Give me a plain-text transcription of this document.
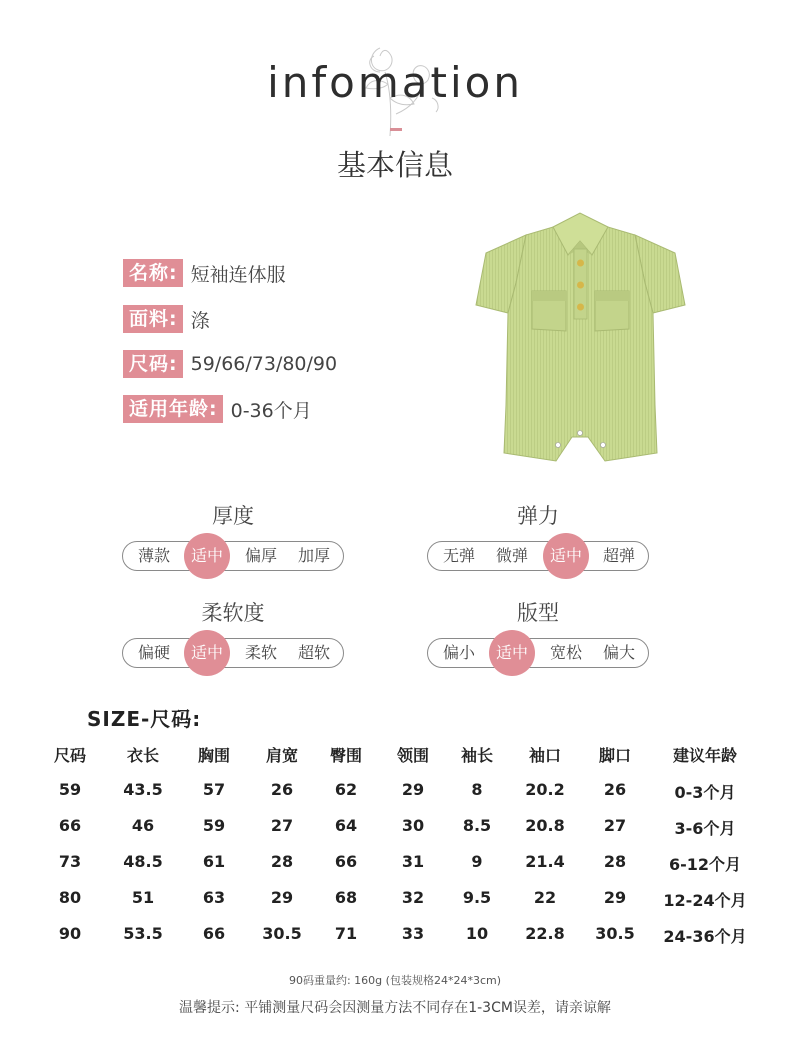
infomation
基本信息
名称: 短袖连体服
面料: 涤
尺码: 59/66/73/80/90
适用年龄: 0-36个月
厚度
薄款	适中	偏厚	加厚
弹力
无弹	微弹	适中	超弹
柔软度
偏硬	适中	柔软	超软
版型
偏小	适中	宽松	偏大
SIZE-尺码:
尺码	衣长	胸围	肩宽	臀围	领围	袖长	袖口	脚口	建议年龄
59	43.5	57	26	62	29	8	20.2	26	0-3个月
66	46	59	27	64	30	8.5	20.8	27	3-6个月
73	48.5	61	28	66	31	9	21.4	28	6-12个月
80	51	63	29	68	32	9.5	22	29	12-24个月
90	53.5	66	30.5	71	33	10	22.8	30.5	24-36个月
90码重量约: 160g (包装规格24*24*3cm)
温馨提示: 平铺测量尺码会因测量方法不同存在1-3CM误差，请亲谅解
